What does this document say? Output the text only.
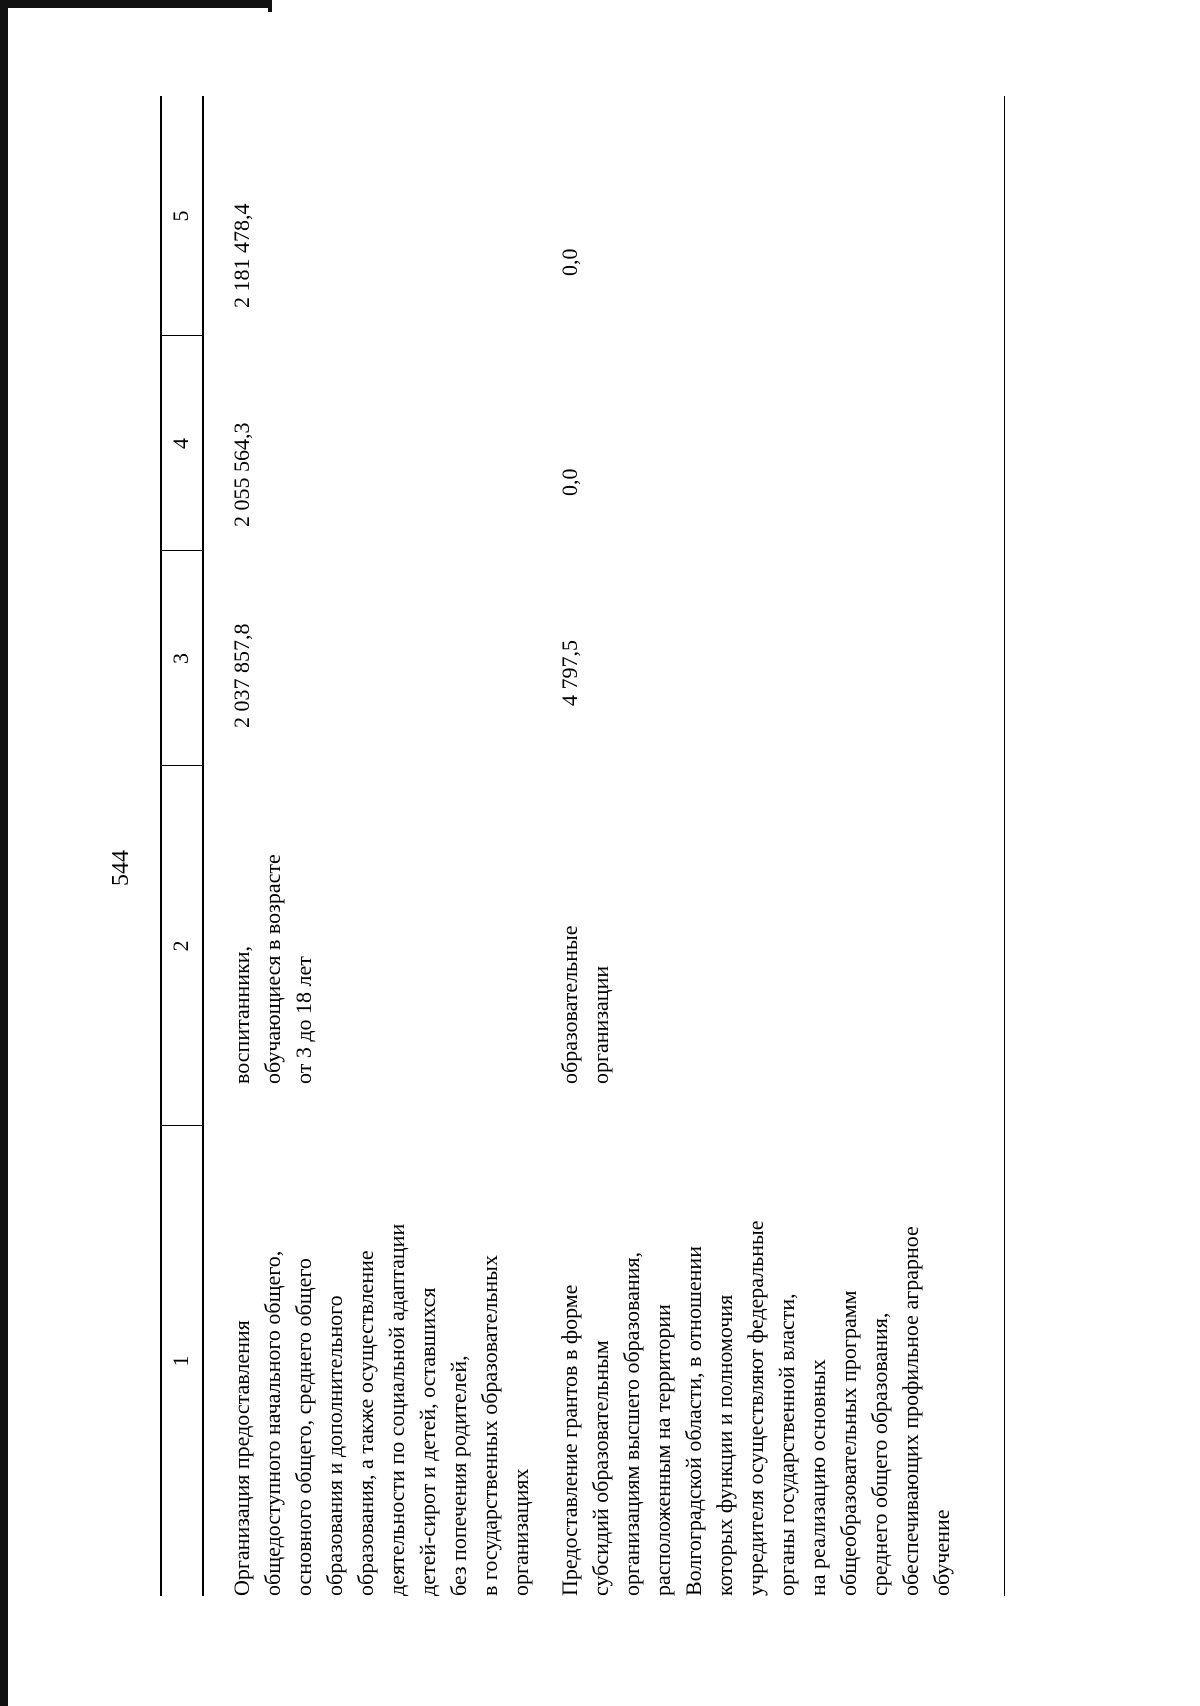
544
1
2
3
4
5
Организация предоставления
общедоступного начального общего,
основного общего, среднего общего
образования и дополнительного
образования, а также осуществление
деятельности по социальной адаптации
детей-сирот и детей, оставшихся
без попечения родителей,
в государственных образовательных
организациях
воспитанники,
обучающиеся в возрасте
от 3 до 18 лет
2 037 857,8
2 055 564,3
2 181 478,4
Предоставление грантов в форме
субсидий образовательным
организациям высшего образования,
расположенным на территории
Волгоградской области, в отношении
которых функции и полномочия
учредителя осуществляют федеральные
органы государственной власти,
на реализацию основных
общеобразовательных программ
среднего общего образования,
обеспечивающих профильное аграрное
обучение
образовательные
организации
4 797,5
0,0
0,0
